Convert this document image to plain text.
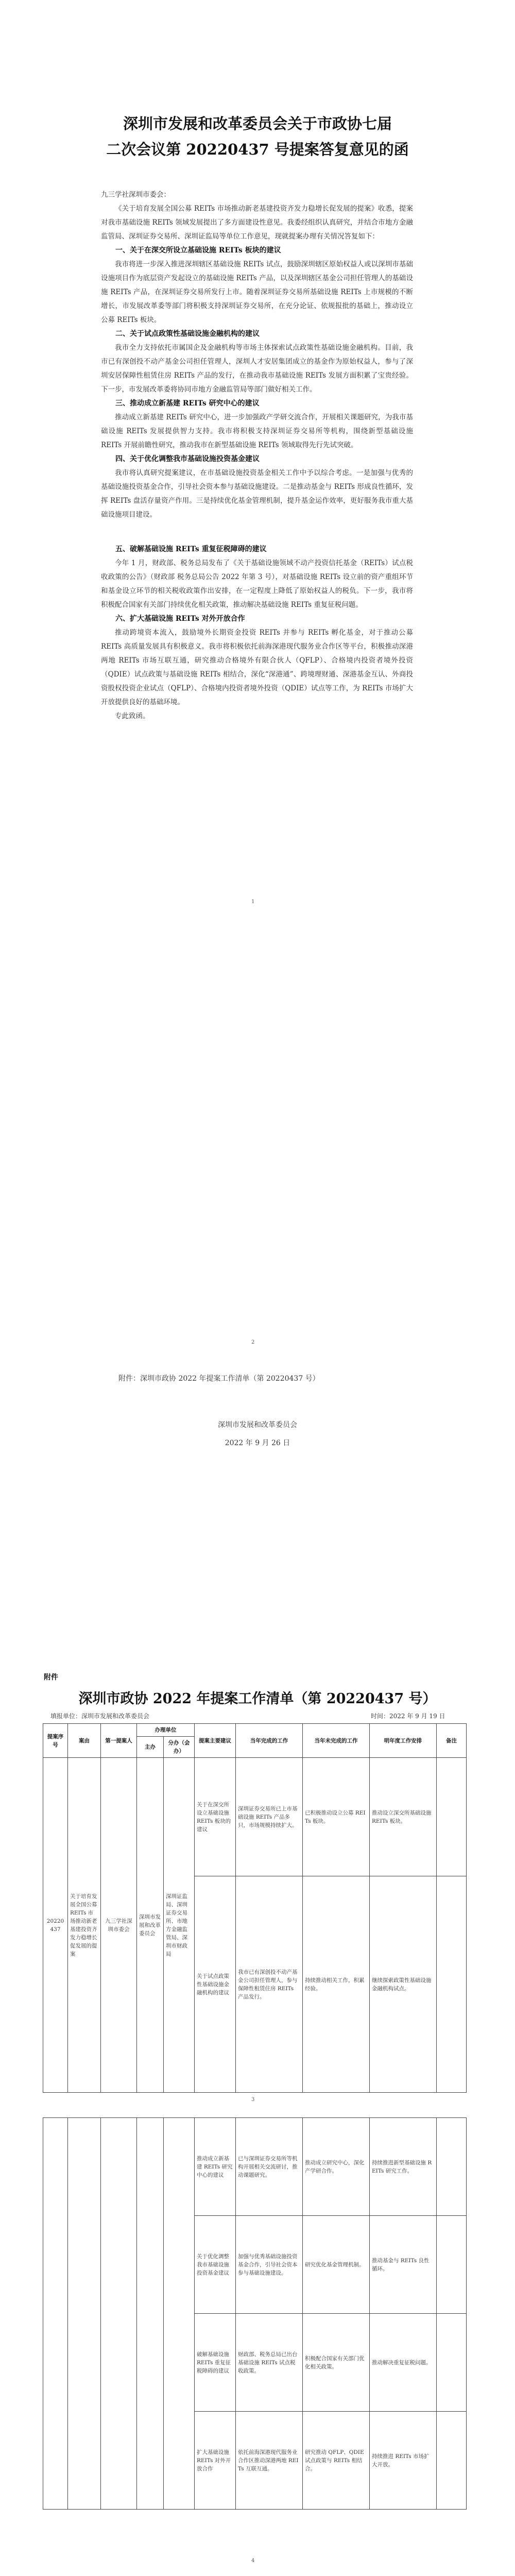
深圳市发展和改革委员会关于市政协七届
二次会议第 20220437 号提案答复意见的函

九三学社深圳市委会：

《关于培育发展全国公募 REITs 市场推动新老基建投资齐发力稳增长促发展的提案》收悉，提案对我市基础设施 REITs 领域发展提出了多方面建设性意见。我委经组织认真研究，并结合市地方金融监管局、深圳证券交易所、深圳证监局等单位工作意见，现就提案办理有关情况答复如下：

一、关于在深交所设立基础设施 REITs 板块的建议

我市将进一步深入推进深圳辖区基础设施 REITs 试点，鼓励深圳辖区原始权益人或以深圳市基础设施项目作为底层资产发起设立的基础设施 REITs 产品，以及深圳辖区基金公司担任管理人的基础设施 REITs 产品，在深圳证券交易所发行上市。随着深圳证券交易所基础设施 REITs 上市规模的不断增长，市发展改革委等部门将积极支持深圳证券交易所，在充分论证、依规报批的基础上，推动设立公募 REITs 板块。

二、关于试点政策性基础设施金融机构的建议

我市全力支持依托市属国企及金融机构等市场主体探索试点政策性基础设施金融机构。目前，我市已有深创投不动产基金公司担任管理人，深圳人才安居集团成立的基金作为原始权益人，参与了深圳安居保障性租赁住房 REITs 产品的发行，在推动我市基础设施 REITs 发展方面积累了宝贵经验。下一步，市发展改革委将协同市地方金融监管局等部门做好相关工作。

三、推动成立新基建 REITs 研究中心的建议

推动成立新基建 REITs 研究中心，进一步加强政产学研交流合作，开展相关课题研究，为我市基础设施 REITs 发展提供智力支持。我市将积极支持深圳证券交易所等机构，围绕新型基础设施 REITs 开展前瞻性研究，推动我市在新型基础设施 REITs 领域取得先行先试突破。

四、关于优化调整我市基础设施投资基金建议

我市将认真研究提案建议，在市基础设施投资基金相关工作中予以综合考虑。一是加强与优秀的基础设施投资基金合作，引导社会资本参与基础设施建设。二是推动基金与 REITs 形成良性循环，发挥 REITs 盘活存量资产作用。三是持续优化基金管理机制，提升基金运作效率，更好服务我市重大基础设施项目建设。

五、破解基础设施 REITs 重复征税障碍的建议

今年 1 月，财政部、税务总局发布了《关于基础设施领域不动产投资信托基金（REITs）试点税收政策的公告》（财政部 税务总局公告 2022 年第 3 号），对基础设施 REITs 设立前的资产重组环节和基金设立环节的相关税收政策作出安排，在一定程度上降低了原始权益人的税负。下一步，我市将积极配合国家有关部门持续优化相关政策，推动解决基础设施 REITs 重复征税问题。

六、扩大基础设施 REITs 对外开放合作

推动跨境资本流入，鼓励境外长期资金投资 REITs 并参与 REITs 孵化基金，对于推动公募 REITs 高质量发展具有积极意义。我市将积极依托前海深港现代服务业合作区等平台，积极推动深港两地 REITs 市场互联互通，研究推动合格境外有限合伙人（QFLP）、合格境内投资者境外投资（QDIE）试点政策与基础设施 REITs 相结合，深化“深港通”、跨境理财通、深港基金互认、外商投资股权投资企业试点（QFLP）、合格境内投资者境外投资（QDIE）试点等工作，为 REITs 市场扩大开放提供良好的基础环境。

专此致函。

1
2
附件：深圳市政协 2022 年提案工作清单（第 20220437 号）
深圳市发展和改革委员会
2022 年 9 月 26 日
附件
深圳市政协 2022 年提案工作清单（第 20220437 号）
填报单位：深圳市发展和改革委员会	时间：2022 年 9 月 19 日
提案序号	案由	第一提案人	办理单位		提案主要建议	当年完成的工作	当年未完成的工作	明年度工作安排	备注
			主办	分办（会办）					
20220437	关于培育发展全国公募 REITs 市场推动新老基建投资齐发力稳增长促发展的提案	九三学社深圳市委会	深圳市发展和改革委员会	深圳证监局、深圳证券交易所、市地方金融监管局、深圳市财政局	关于在深交所设立基础设施 REITs 板块的建议	深圳证券交易所已上市基础设施 REITs 产品多只，市场规模持续扩大。	已积极推动设立公募 REITs 板块。	推动设立深交所基础设施 REITs 板块。	
					关于试点政策性基础设施金融机构的建议	我市已有深创投不动产基金公司担任管理人，参与保障性租赁住房 REITs 产品发行。	持续推动相关工作，积累经验。	继续探索政策性基础设施金融机构试点。	
3
					推动成立新基建 REITs 研究中心的建议	已与深圳证券交易所等机构开展相关交流研讨，推动课题研究。	推动成立研究中心，深化产学研合作。	持续推进新型基础设施 REITs 研究工作。	
					关于优化调整我市基础设施投资基金建议	加强与优秀基础设施投资基金合作，引导社会资本参与基础设施建设。	研究优化基金管理机制。	推动基金与 REITs 良性循环。	
					破解基础设施 REITs 重复征税障碍的建议	财政部、税务总局已出台基础设施 REITs 试点税收政策。	积极配合国家有关部门优化相关政策。	推动解决重复征税问题。	
					扩大基础设施 REITs 对外开放合作	依托前海深港现代服务业合作区推动深港两地 REITs 互联互通。	研究推动 QFLP、QDIE 试点政策与 REITs 相结合。	持续推进 REITs 市场扩大开放。	
4
